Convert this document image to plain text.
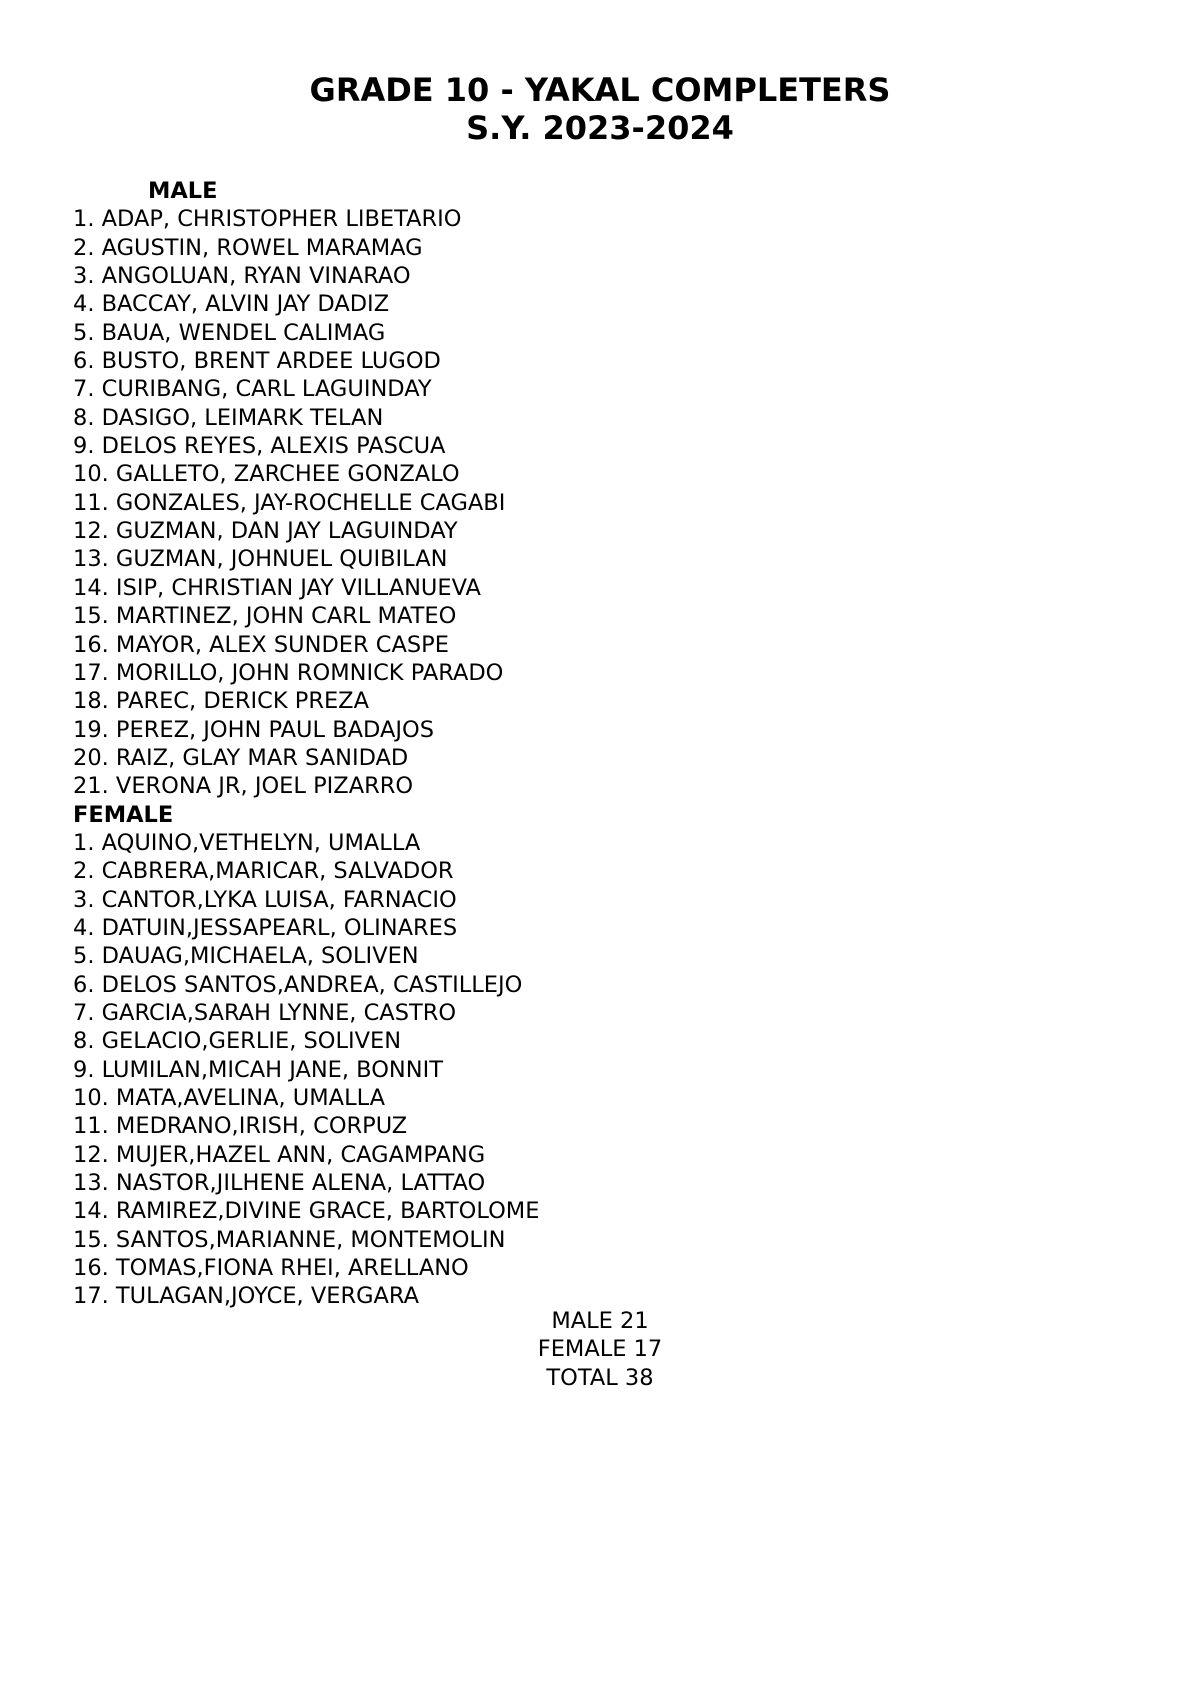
GRADE 10 - YAKAL COMPLETERS
S.Y. 2023-2024
MALE
1. ADAP, CHRISTOPHER LIBETARIO
2. AGUSTIN, ROWEL MARAMAG
3. ANGOLUAN, RYAN VINARAO
4. BACCAY, ALVIN JAY DADIZ
5. BAUA, WENDEL CALIMAG
6. BUSTO, BRENT ARDEE LUGOD
7. CURIBANG, CARL LAGUINDAY
8. DASIGO, LEIMARK TELAN
9. DELOS REYES, ALEXIS PASCUA
10. GALLETO, ZARCHEE GONZALO
11. GONZALES, JAY-ROCHELLE CAGABI
12. GUZMAN, DAN JAY LAGUINDAY
13. GUZMAN, JOHNUEL QUIBILAN
14. ISIP, CHRISTIAN JAY VILLANUEVA
15. MARTINEZ, JOHN CARL MATEO
16. MAYOR, ALEX SUNDER CASPE
17. MORILLO, JOHN ROMNICK PARADO
18. PAREC, DERICK PREZA
19. PEREZ, JOHN PAUL BADAJOS
20. RAIZ, GLAY MAR SANIDAD
21. VERONA JR, JOEL PIZARRO
FEMALE
1. AQUINO,VETHELYN, UMALLA
2. CABRERA,MARICAR, SALVADOR
3. CANTOR,LYKA LUISA, FARNACIO
4. DATUIN,JESSAPEARL, OLINARES
5. DAUAG,MICHAELA, SOLIVEN
6. DELOS SANTOS,ANDREA, CASTILLEJO
7. GARCIA,SARAH LYNNE, CASTRO
8. GELACIO,GERLIE, SOLIVEN
9. LUMILAN,MICAH JANE, BONNIT
10. MATA,AVELINA, UMALLA
11. MEDRANO,IRISH, CORPUZ
12. MUJER,HAZEL ANN, CAGAMPANG
13. NASTOR,JILHENE ALENA, LATTAO
14. RAMIREZ,DIVINE GRACE, BARTOLOME
15. SANTOS,MARIANNE, MONTEMOLIN
16. TOMAS,FIONA RHEI, ARELLANO
17. TULAGAN,JOYCE, VERGARA
MALE 21
FEMALE 17
TOTAL 38
